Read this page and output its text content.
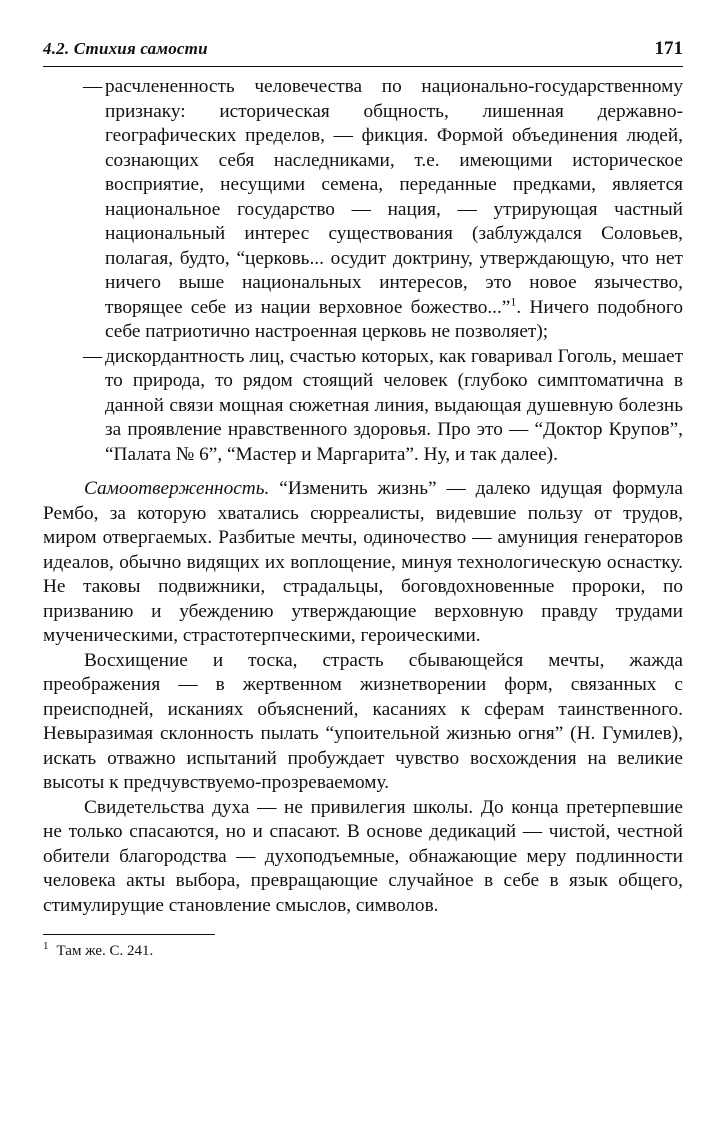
4.2. Стихия самости	171
— расчлененность человечества по национально-государственному признаку: историческая общность, лишенная державно-географических пределов, — фикция. Формой объединения людей, сознающих себя наследниками, т.е. имеющими историческое восприятие, несущими семена, переданные предками, является национальное государство — нация, — утрирующая частный национальный интерес существования (заблуждался Соловьев, полагая, будто, “церковь... осудит доктрину, утверждающую, что нет ничего выше национальных интересов, это новое язычество, творящее себе из нации верховное божество...”$^1$. Ничего подобного себе патриотично настроенная церковь не позволяет);
— дискордантность лиц, счастью которых, как говаривал Гоголь, мешает то природа, то рядом стоящий человек (глубоко симптоматична в данной связи мощная сюжетная линия, выдающая душевную болезнь за проявление нравственного здоровья. Про это — “Доктор Крупов”, “Палата № 6”, “Мастер и Маргарита”. Ну, и так далее).

Самоотверженность. “Изменить жизнь” — далеко идущая формула Рембо, за которую хватались сюрреалисты, видевшие пользу от трудов, миром отвергаемых. Разбитые мечты, одиночество — амуниция генераторов идеалов, обычно видящих их воплощение, минуя технологическую оснастку. Не таковы подвижники, страдальцы, боговдохновенные пророки, по призванию и убеждению утверждающие верховную правду трудами мученическими, страстотерпческими, героическими.

Восхищение и тоска, страсть сбывающейся мечты, жажда преображения — в жертвенном жизнетворении форм, связанных с преисподней, исканиях объяснений, касаниях к сферам таинственного. Невыразимая склонность пылать “упоительной жизнью огня” (Н. Гумилев), искать отважно испытаний пробуждает чувство восхождения на великие высоты к предчувствуемо-прозреваемому.

Свидетельства духа — не привилегия школы. До конца претерпевшие не только спасаются, но и спасают. В основе дедикаций — чистой, честной обители благородства — духоподъемные, обнажающие меру подлинности человека акты выбора, превращающие случайное в себе в язык общего, стимулирущие становление смыслов, символов.

$^1$ Там же. С. 241.
